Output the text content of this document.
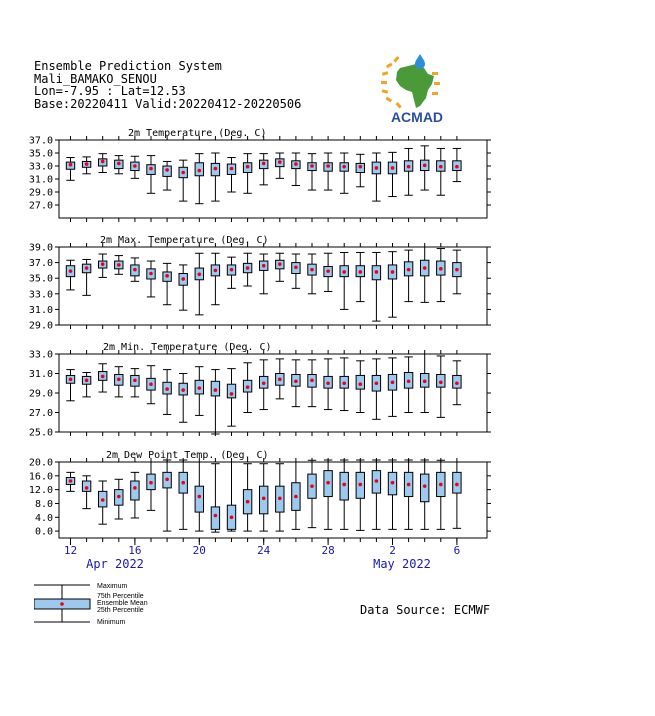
Ensemble Prediction System
Mali_BAMAKO_SENOU
Lon=-7.95 : Lat=12.53
Base:20220411 Valid:20220412-20220506
ACMAD
2m Temperature (Deg. C)
37.0
35.0
33.0
31.0
29.0
27.0
2m Max. Temperature (Deg. C)
39.0
37.0
35.0
33.0
31.0
29.0
2m Min. Temperature (Deg. C)
33.0
31.0
29.0
27.0
25.0
2m Dew Point Temp. (Deg. C)
20.0
16.0
12.0
8.0
4.0
0.0
12	16	20	24	28	2	6
Apr 2022	May 2022
Maximum
75th Percentile
Ensemble Mean
25th Percentile
Minimum
Data Source: ECMWF
